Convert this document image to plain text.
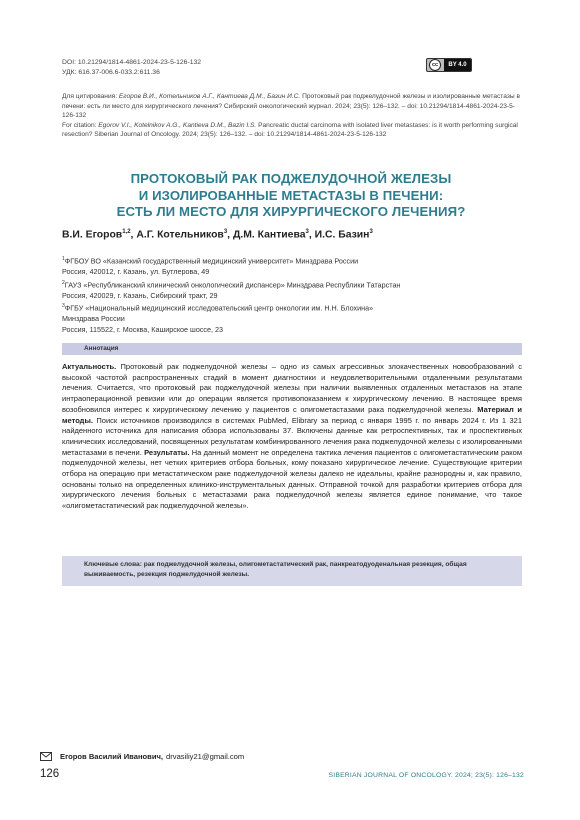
DOI: 10.21294/1814-4861-2024-23-5-126-132
УДК: 616.37-006.6-033.2:611.36
cc	BY 4.0
Для цитирования: Егоров В.И., Котельников А.Г., Кантиева Д.М., Базин И.С. Протоковый рак поджелудочной железы и изолированные метастазы в печени: есть ли место для хирургического лечения? Сибирский онкологический журнал. 2024; 23(5): 126–132. – doi: 10.21294/1814-4861-2024-23-5-126-132
For citation: Egorov V.I., Kotelnikov A.G., Kantieva D.M., Bazin I.S. Pancreatic ductal carcinoma with isolated liver metastases: is it worth performing surgical resection? Siberian Journal of Oncology. 2024; 23(5): 126–132. – doi: 10.21294/1814-4861-2024-23-5-126-132
ПРОТОКОВЫЙ РАК ПОДЖЕЛУДОЧНОЙ ЖЕЛЕЗЫ
И ИЗОЛИРОВАННЫЕ МЕТАСТАЗЫ В ПЕЧЕНИ:
ЕСТЬ ЛИ МЕСТО ДЛЯ ХИРУРГИЧЕСКОГО ЛЕЧЕНИЯ?
В.И. Егоров$^{1,2}$, А.Г. Котельников$^3$, Д.М. Кантиева$^3$, И.С. Базин$^3$
$^1$ФГБОУ ВО «Казанский государственный медицинский университет» Минздрава России
Россия, 420012, г. Казань, ул. Бутлерова, 49
$^2$ГАУЗ «Республиканский клинический онкологический диспансер» Минздрава Республики Татарстан
Россия, 420029, г. Казань, Сибирский тракт, 29
$^3$ФГБУ «Национальный медицинский исследовательский центр онкологии им. Н.Н. Блохина»
Минздрава России
Россия, 115522, г. Москва, Каширское шоссе, 23
Аннотация
Актуальность. Протоковый рак поджелудочной железы – одно из самых агрессивных злокачественных новообразований с высокой частотой распространенных стадий в момент диагностики и неудовлетворительными отдаленными результатами лечения. Считается, что протоковый рак поджелудочной железы при наличии выявленных отдаленных метастазов на этапе интраоперационной ревизии или до операции является противопоказанием к хирургическому лечению. В настоящее время возобновился интерес к хирургическому лечению у пациентов с олигометастазами рака поджелудочной железы. Материал и методы. Поиск источников производился в системах PubMed, Elibrary за период с января 1995 г. по январь 2024 г. Из 1 321 найденного источника для написания обзора использованы 37. Включены данные как ретроспективных, так и проспективных клинических исследований, посвященных результатам комбинированного лечения рака поджелудочной железы с изолированными метастазами в печени. Результаты. На данный момент не определена тактика лечения пациентов с олигометастатическим раком поджелудочной железы, нет четких критериев отбора больных, кому показано хирургическое лечение. Существующие критерии отбора на операцию при метастатическом раке поджелудочной железы далеко не идеальны, крайне разнородны и, как правило, основаны только на определенных клинико-инструментальных данных. Отправной точкой для разработки критериев отбора для хирургического лечения больных с метастазами рака поджелудочной железы является единое понимание, что такое «олигометастатический рак поджелудочной железы».
Ключевые слова: рак поджелудочной железы, олигометастатический рак, панкреатодуоденальная резекция, общая выживаемость, резекция поджелудочной железы.
Егоров Василий Иванович, drvasiliy21@gmail.com
126	SIBERIAN JOURNAL OF ONCOLOGY. 2024; 23(5): 126–132
